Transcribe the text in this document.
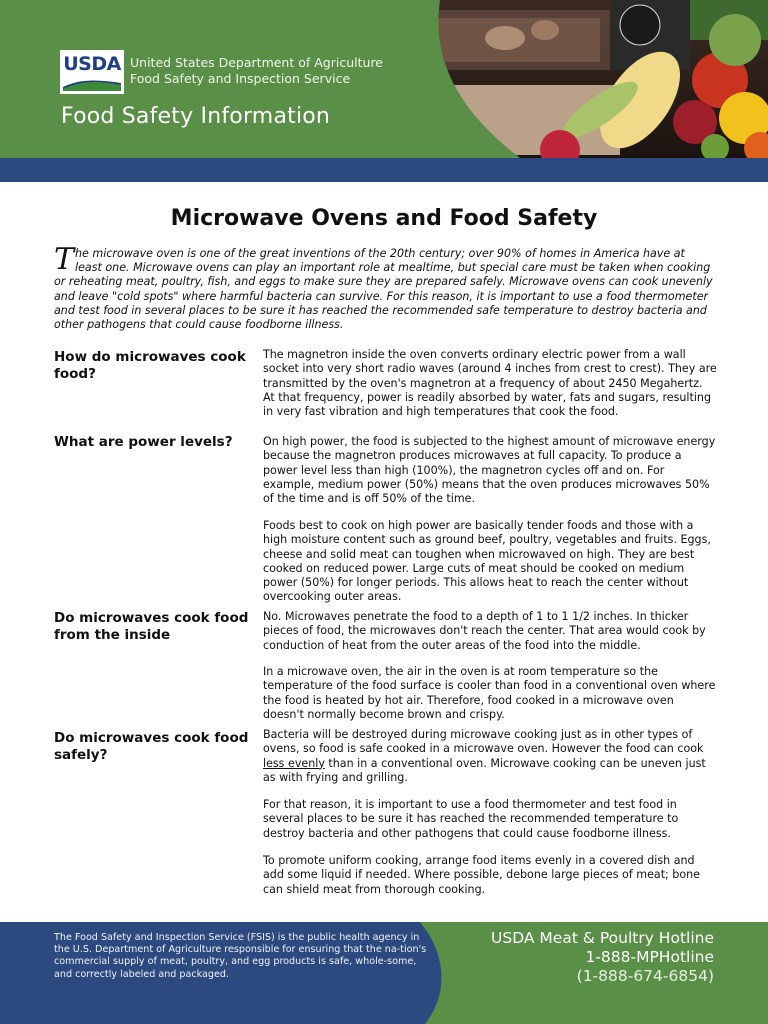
USDA United States Department of Agriculture
Food Safety and Inspection Service
Food Safety Information
Microwave Ovens and Food Safety
The microwave oven is one of the great inventions of the 20th century; over 90% of homes in America have at least one. Microwave ovens can play an important role at mealtime, but special care must be taken when cooking or reheating meat, poultry, fish, and eggs to make sure they are prepared safely. Microwave ovens can cook unevenly and leave "cold spots" where harmful bacteria can survive. For this reason, it is important to use a food thermometer and test food in several places to be sure it has reached the recommended safe temperature to destroy bacteria and other pathogens that could cause foodborne illness.
How do microwaves cook food?

The magnetron inside the oven converts ordinary electric power from a wall socket into very short radio waves (around 4 inches from crest to crest). They are transmitted by the oven's magnetron at a frequency of about 2450 Megahertz. At that frequency, power is readily absorbed by water, fats and sugars, resulting in very fast vibration and high temperatures that cook the food.

What are power levels?	On high power, the food is subjected to the highest amount of microwave energy because the magnetron produces microwaves at full capacity. To produce a power level less than high (100%), the magnetron cycles off and on. For example, medium power (50%) means that the oven produces microwaves 50% of the time and is off 50% of the time.

Foods best to cook on high power are basically tender foods and those with a high moisture content such as ground beef, poultry, vegetables and fruits. Eggs, cheese and solid meat can toughen when microwaved on high. They are best cooked on reduced power. Large cuts of meat should be cooked on medium power (50%) for longer periods. This allows heat to reach the center without overcooking outer areas.

Do microwaves cook food from the inside

No. Microwaves penetrate the food to a depth of 1 to 1 1/2 inches. In thicker pieces of food, the microwaves don't reach the center. That area would cook by conduction of heat from the outer areas of the food into the middle.

In a microwave oven, the air in the oven is at room temperature so the temperature of the food surface is cooler than food in a conventional oven where the food is heated by hot air. Therefore, food cooked in a microwave oven doesn't normally become brown and crispy.

Do microwaves cook food safely?

Bacteria will be destroyed during microwave cooking just as in other types of ovens, so food is safe cooked in a microwave oven. However the food can cook less evenly than in a conventional oven. Microwave cooking can be uneven just as with frying and grilling.

For that reason, it is important to use a food thermometer and test food in several places to be sure it has reached the recommended temperature to destroy bacteria and other pathogens that could cause foodborne illness.

To promote uniform cooking, arrange food items evenly in a covered dish and add some liquid if needed. Where possible, debone large pieces of meat; bone can shield meat from thorough cooking.

The Food Safety and Inspection Service (FSIS) is the public health agency in the U.S. Department of Agriculture responsible for ensuring that the na-tion's commercial supply of meat, poultry, and egg products is safe, whole-some, and correctly labeled and packaged.
USDA Meat & Poultry Hotline
1-888-MPHotline
(1-888-674-6854)
